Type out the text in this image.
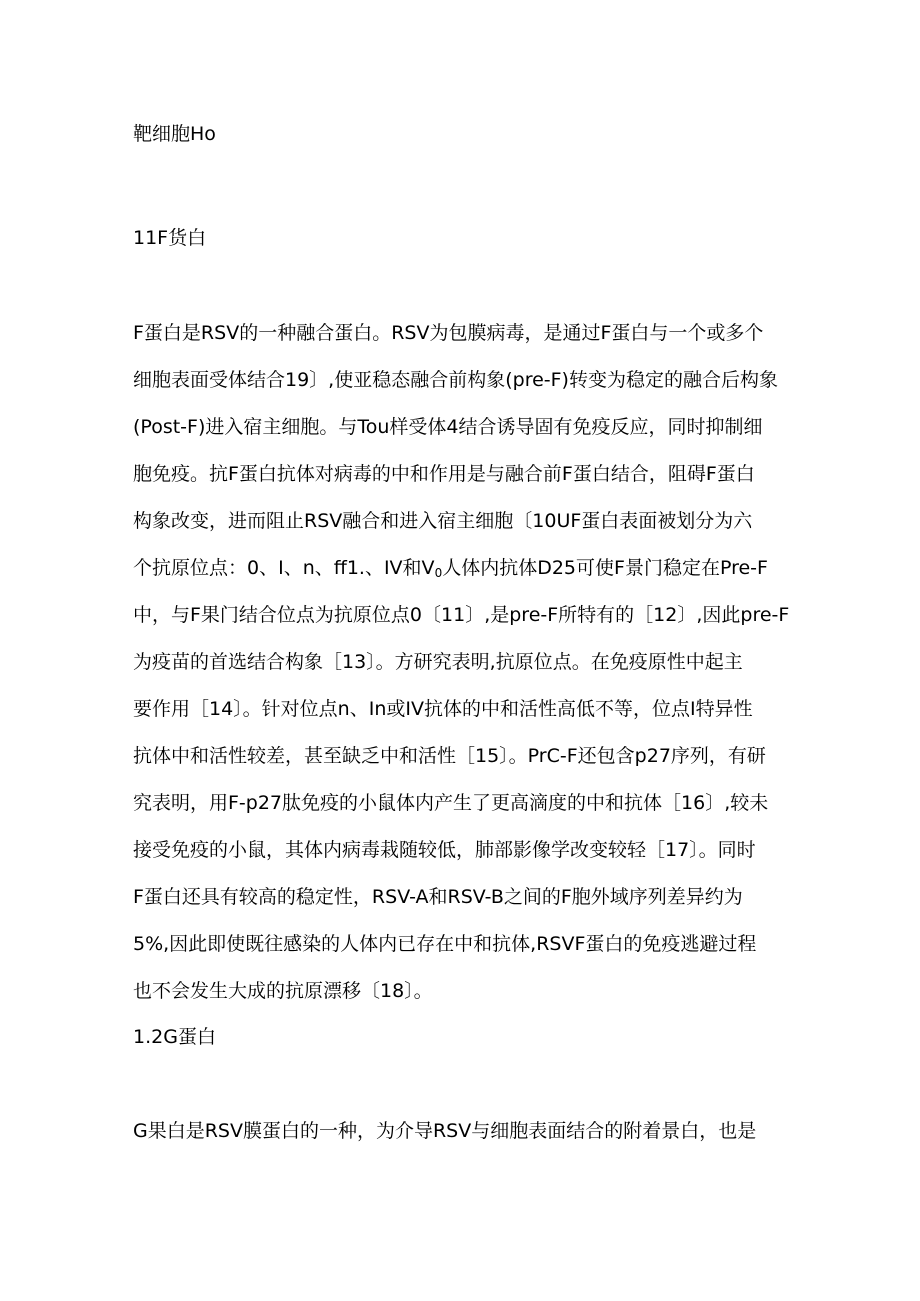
靶细胞Ho
11F货白
F蛋白是RSV的一种融合蛋白。RSV为包膜病毒，是通过F蛋白与一个或多个
细胞表面受体结合19〕,使亚稳态融合前构象(pre-F)转变为稳定的融合后构象
(Post-F)进入宿主细胞。与Tou样受体4结合诱导固有免疫反应，同时抑制细
胞免疫。抗F蛋白抗体对病毒的中和作用是与融合前F蛋白结合，阻碍F蛋白
构象改变，进而阻止RSV融合和进入宿主细胞〔10UF蛋白表面被划分为六
个抗原位点：0、I、n、ff1.、IV和$V_0$人体内抗体D25可使F景门稳定在Pre-F
中，与F果门结合位点为抗原位点0〔11〕,是pre-F所特有的［12〕,因此pre-F
为疫苗的首选结合构象［13〕。方研究表明,抗原位点。在免疫原性中起主
要作用［14〕。针对位点n、In或IV抗体的中和活性高低不等，位点I特异性
抗体中和活性较差，甚至缺乏中和活性［15〕。PrC-F还包含p27序列，有研
究表明，用F-p27肽免疫的小鼠体内产生了更高滴度的中和抗体［16〕,较未
接受免疫的小鼠，其体内病毒栽随较低，肺部影像学改变较轻［17〕。同时
F蛋白还具有较高的稳定性，RSV-A和RSV-B之间的F胞外域序列差异约为
5%,因此即使既往感染的人体内已存在中和抗体,RSVF蛋白的免疫逃避过程
也不会发生大成的抗原漂移〔18〕。
1.2G蛋白
G果白是RSV膜蛋白的一种，为介导RSV与细胞表面结合的附着景白，也是
